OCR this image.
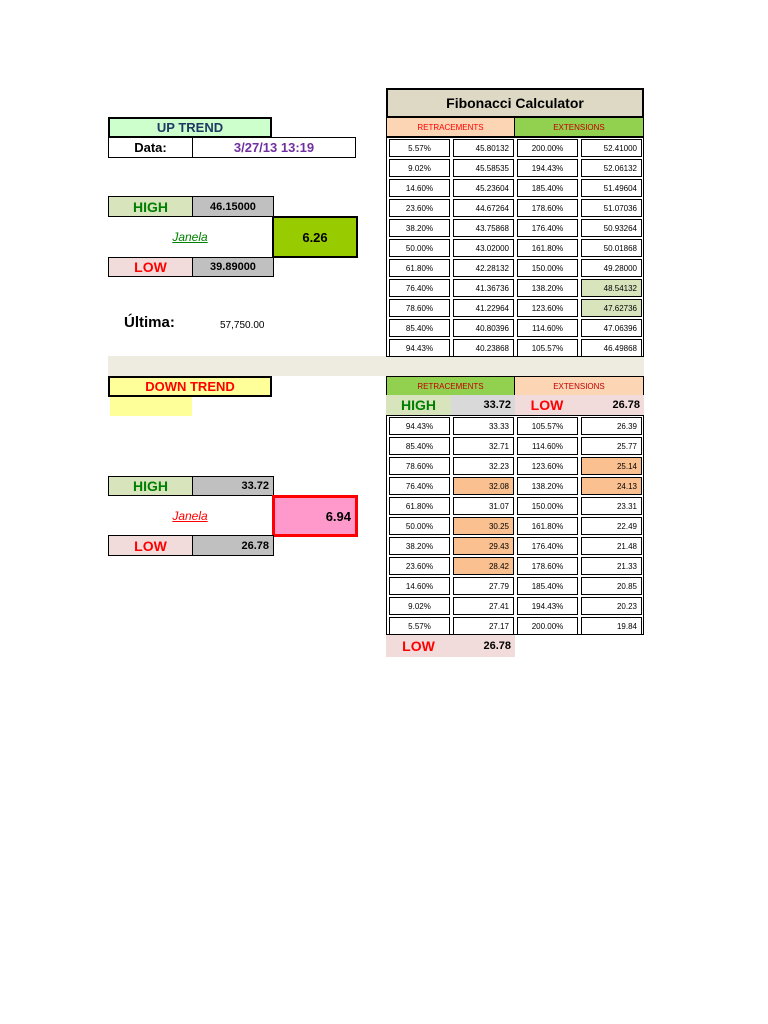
UP TREND
Data:	3/27/13 13:19
HIGH	46.15000
Janela	6.26
LOW	39.89000
Última:	57,750.00
DOWN TREND
HIGH	33.72
Janela	6.94
LOW	26.78
Fibonacci Calculator
RETRACEMENTS	EXTENSIONS
5.57%	45.80132	200.00%	52.41000
9.02%	45.58535	194.43%	52.06132
14.60%	45.23604	185.40%	51.49604
23.60%	44.67264	178.60%	51.07036
38.20%	43.75868	176.40%	50.93264
50.00%	43.02000	161.80%	50.01868
61.80%	42.28132	150.00%	49.28000
76.40%	41.36736	138.20%	48.54132
78.60%	41.22964	123.60%	47.62736
85.40%	40.80396	114.60%	47.06396
94.43%	40.23868	105.57%	46.49868
RETRACEMENTS	EXTENSIONS
HIGH	33.72 LOW	26.78
94.43%	33.33	105.57%	26.39
85.40%	32.71	114.60%	25.77
78.60%	32.23	123.60%	25.14
76.40%	32.08	138.20%	24.13
61.80%	31.07	150.00%	23.31
50.00%	30.25	161.80%	22.49
38.20%	29.43	176.40%	21.48
23.60%	28.42	178.60%	21.33
14.60%	27.79	185.40%	20.85
9.02%	27.41	194.43%	20.23
5.57%	27.17	200.00%	19.84
LOW	26.78
